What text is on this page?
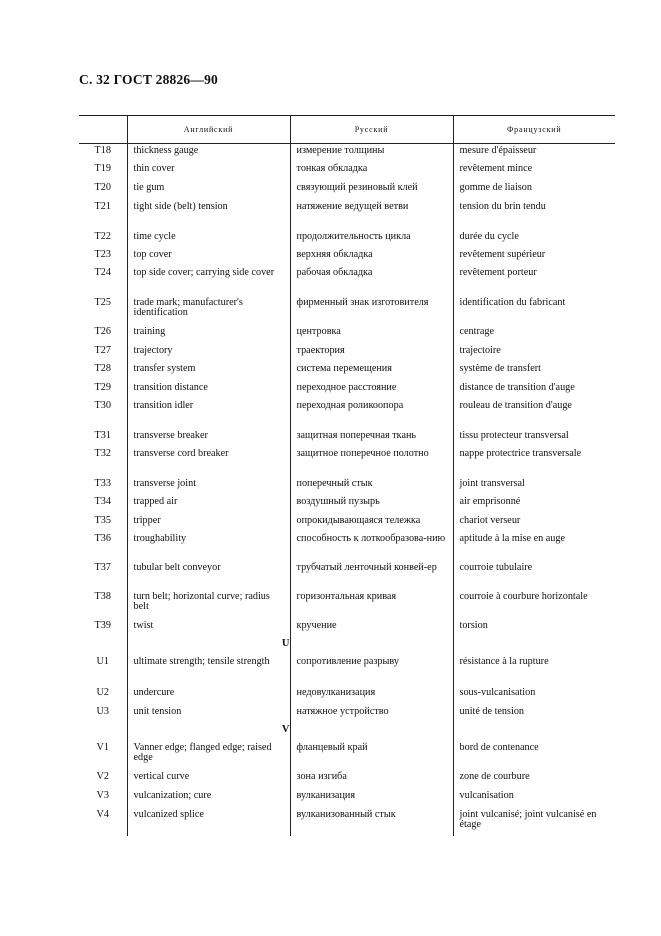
С. 32 ГОСТ 28826—90
	Английский	Русский	Французский
T18	thickness gauge	измерение толщины	mesure d'épaisseur
T19	thin cover	тонкая обкладка	revêtement mince
T20	tie gum	связующий резиновый клей	gomme de liaison
T21	tight side (belt) tension	натяжение ведущей ветви	tension du brin tendu
T22	time cycle	продолжительность цикла	durée du cycle
T23	top cover	верхняя обкладка	revêtement supérieur
T24	top side cover; carrying side cover	рабочая обкладка	revêtement porteur
T25	trade mark; manufacturer's identification	фирменный знак изготовителя	identification du fabricant
T26	training	центровка	centrage
T27	trajectory	траектория	trajectoire
T28	transfer system	система перемещения	système de transfert
T29	transition distance	переходное расстояние	distance de transition d'auge
T30	transition idler	переходная роликоопора	rouleau de transition d'auge
T31	transverse breaker	защитная поперечная ткань	tissu protecteur transversal
T32	transverse cord breaker	защитное поперечное полотно	nappe protectrice transversale
T33	transverse joint	поперечный стык	joint transversal
T34	trapped air	воздушный пузырь	air emprisonné
T35	tripper	опрокидывающаяся тележка	chariot verseur
T36	troughability	способность к лоткообразова-нию	aptitude à la mise en auge
T37	tubular belt conveyor	трубчатый ленточный конвей-ер	courroie tubulaire
T38	turn belt; horizontal curve; radius belt	горизонтальная кривая	courroie à courbure horizontale
T39	twist	кручение	torsion
	U		
U1	ultimate strength; tensile strength	сопротивление разрыву	résistance à la rupture
U2	undercure	недовулканизация	sous-vulcanisation
U3	unit tension	натяжное устройство	unité de tension
	V		
V1	Vanner edge; flanged edge; raised edge	фланцевый край	bord de contenance
V2	vertical curve	зона изгиба	zone de courbure
V3	vulcanization; cure	вулканизация	vulcanisation
V4	vulcanized splice	вулканизованный стык	joint vulcanisé; joint vulcanisé en étage
